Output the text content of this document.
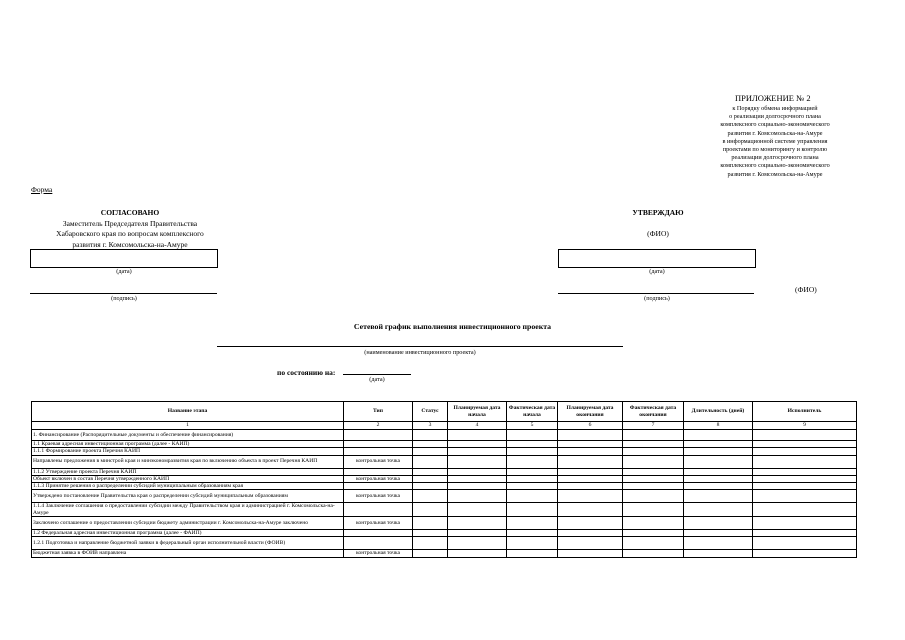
ПРИЛОЖЕНИЕ № 2
к Порядку обмена информацией
о реализации долгосрочного плана
комплексного социально-экономического
развития г. Комсомольска-на-Амуре
в информационной системе управления
проектами по мониторингу и контролю
реализации долгосрочного плана
комплексного социально-экономического
развития г. Комсомольска-на-Амуре
Форма
СОГЛАСОВАНО
Заместитель Председателя Правительства
Хабаровского края по вопросам комплексного
развития г. Комсомольска-на-Амуре
УТВЕРЖДАЮ
(ФИО)
(дата)	(дата)
(подпись)	(подпись)
(ФИО)
Сетевой график выполнения инвестиционного проекта
(наименование инвестиционного проекта)
по состоянию на:
(дата)
Название этапа	Тип	Статус	Планируемая дата начала	Фактическая дата начала	Планируемая дата окончания	Фактическая дата окончания	Длительность (дней)	Исполнитель
1	2	3	4	5	6	7	8	9
1. Финансирование (Распорядительные документы и обеспечение финансирования)								
1.1 Краевая адресная инвестиционная программа (далее - КАИП)								
1.1.1 Формирование проекта Перечня КАИП								
Направлены предложения в минстрой края и минэкономразвития края по включению объекта в проект Перечня КАИП	контрольная точка							
1.1.2 Утверждение проекта Перечня КАИП								
Объект включен в состав Перечня утвержденного КАИП	контрольная точка							
1.1.3 Принятие решения о распределении субсидий муниципальным образованиям края								
Утверждено постановление Правительства края о распределении субсидий муниципальным образованиям	контрольная точка							
1.1.4 Заключение соглашения о предоставлении субсидии между Правительством края и администрацией г. Комсомольска-на-Амуре								
Заключено соглашение о предоставлении субсидии бюджету администрации г. Комсомольска-на-Амуре заключено	контрольная точка							
1.2 Федеральная адресная инвестиционная программа (далее - ФАИП)								
1.2.1 Подготовка и направление бюджетной заявки в федеральный орган исполнительной власти (ФОИВ)								
Бюджетная заявка в ФОИВ направлена	контрольная точка							
